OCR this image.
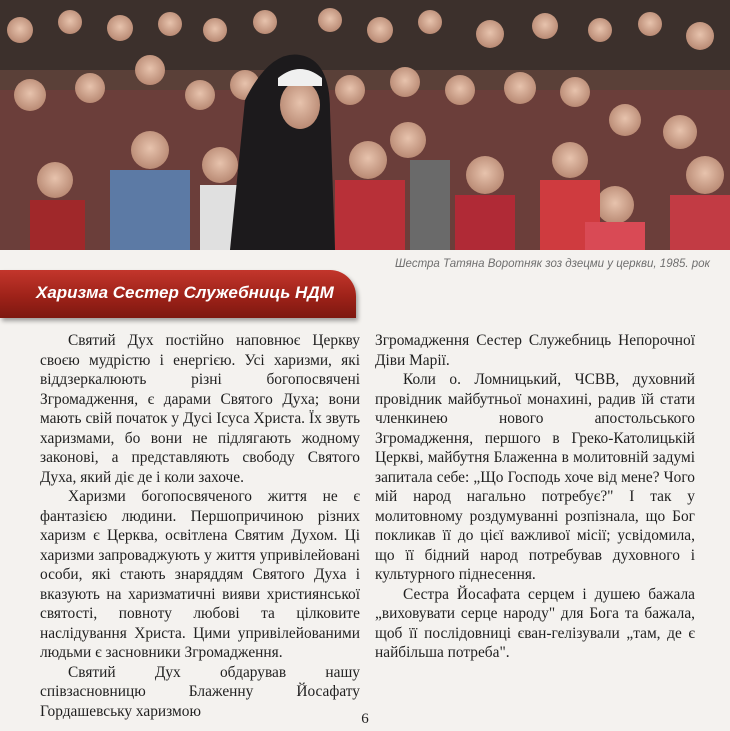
Шестра Татяна Воротняк зоз дзецми у церкви, 1985. рок
Харизма Сестер Служебниць НДМ

Святий Дух постійно наповнює Церкву своєю мудрістю і енергією. Усі харизми, які віддзеркалюють різні богопосвячені Згромадження, є дарами Святого Духа; вони мають свій початок у Дусі Ісуса Христа. Їх звуть харизмами, бо вони не підлягають жодному законові, а представляють свободу Святого Духа, який діє де і коли захоче.

Харизми богопосвяченого життя не є фантазією людини. Першопричиною різних харизм є Церква, освітлена Святим Духом. Ці харизми запроваджують у життя упривілейовані особи, які стають знаряддям Святого Духа і вказують на харизматичні вияви християнської святості, повноту любові та цілковите наслідування Христа. Цими упривілейованими людьми є засновники Згромадження.

Святий Дух обдарував нашу співзасновницю Блаженну Йосафату Гордашевську харизмою

Згромадження Сестер Служебниць Непорочної Діви Марії.

Коли о. Ломницький, ЧСВВ, духовний провідник майбутньої монахині, радив їй стати членкинею нового апостольського Згромадження, першого в Греко-Католицькій Церкві, майбутня Блаженна в молитовній задумі запитала себе: „Що Господь хоче від мене? Чого мій народ нагально потребує?" І так у молитовному роздумуванні розпізнала, що Бог покликав її до цієї важливої місії; усвідомила, що її бідний народ потребував духовного і культурного піднесення.

Сестра Йосафата серцем і душею бажала „виховувати серце народу" для Бога та бажала, щоб її послідовниці єван-гелізували „там, де є найбільша потреба".

6
